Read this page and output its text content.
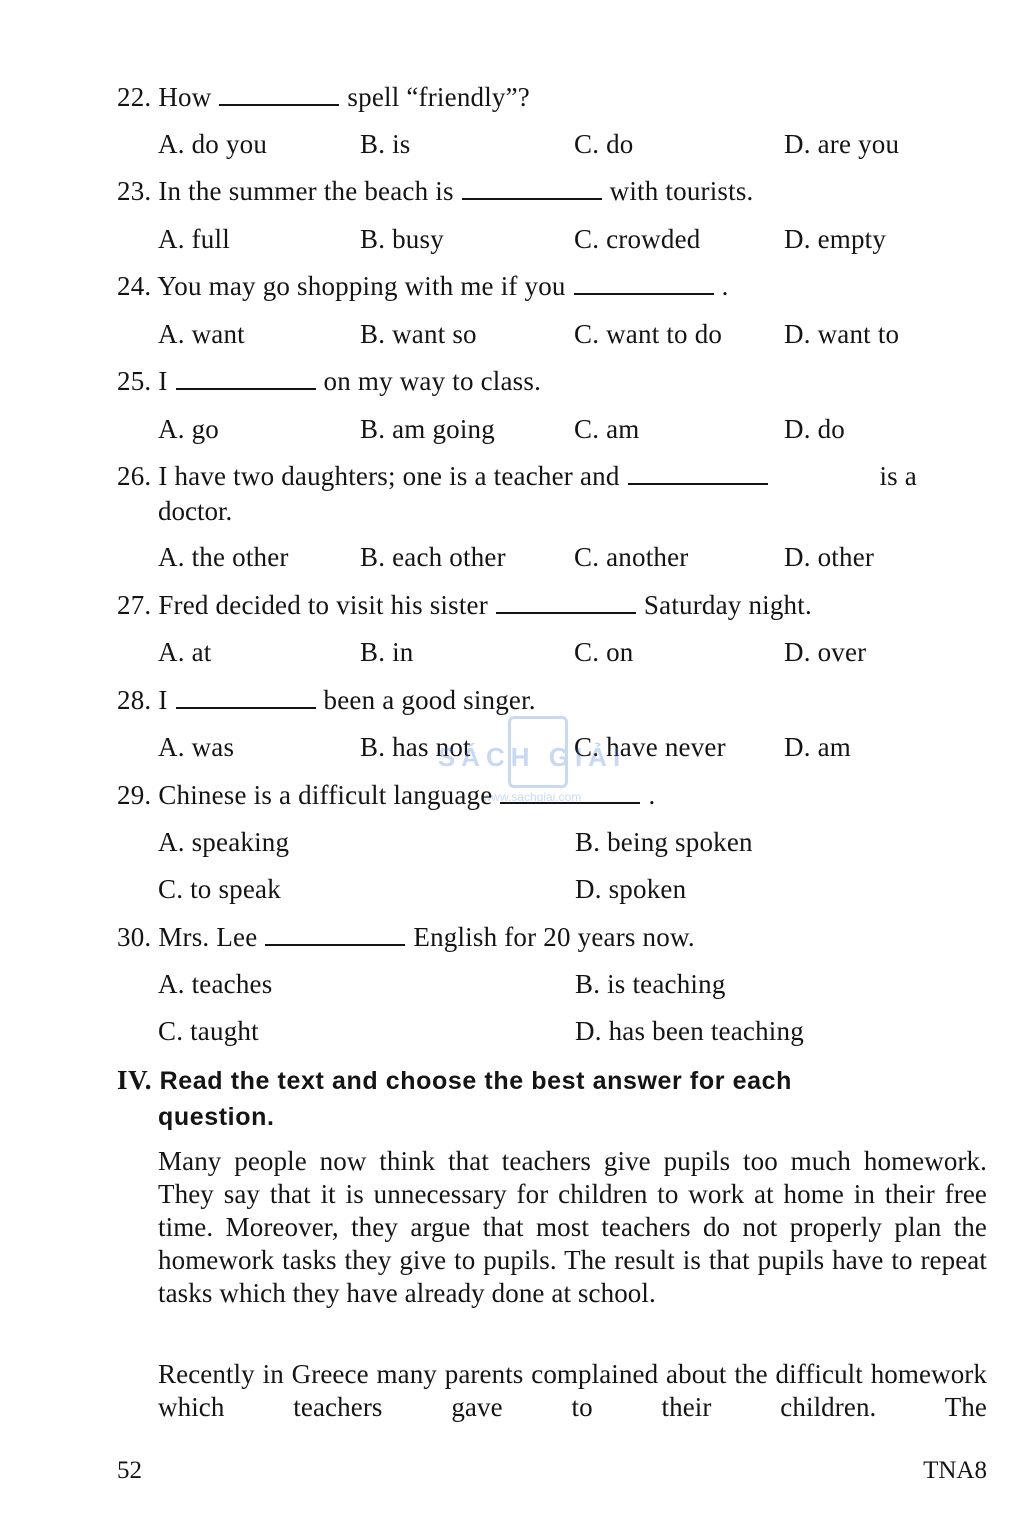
22. How	spell “friendly”?
A. do you	B. is	C. do	D. are you
23. In the summer the beach is	with tourists.
A. full	B. busy	C. crowded	D. empty
24. You may go shopping with me if you	.
A. want	B. want so	C. want to do D. want to
25. I	on my way to class.
A. go	B. am going	C. am	D. do
26. I have two daughters; one is a teacher and	is a
doctor.
A. the other	B. each other	C. another	D. other
27. Fred decided to visit his sister	Saturday night.
A. at	B. in	C. on	D. over
28. I	been a good singer.
A. was	B. has not	C. have never D. am
SÁCH GIẢI
www.sachgiai.com
29. Chinese is a difficult language	.
A. speaking	B. being spoken
C. to speak	D. spoken
30. Mrs. Lee	English for 20 years now.
A. teaches	B. is teaching
C. taught	D. has been teaching
IV. Read the text and choose the best answer for each
question.
Many people now think that teachers give pupils too much homework. They say that it is unnecessary for children to work at home in their free time. Moreover, they argue that most teachers do not properly plan the homework tasks they give to pupils. The result is that pupils have to repeat tasks which they have already done at school.
Recently in Greece many parents complained about the difficult homework which teachers gave to their children. The
52	TNA8
